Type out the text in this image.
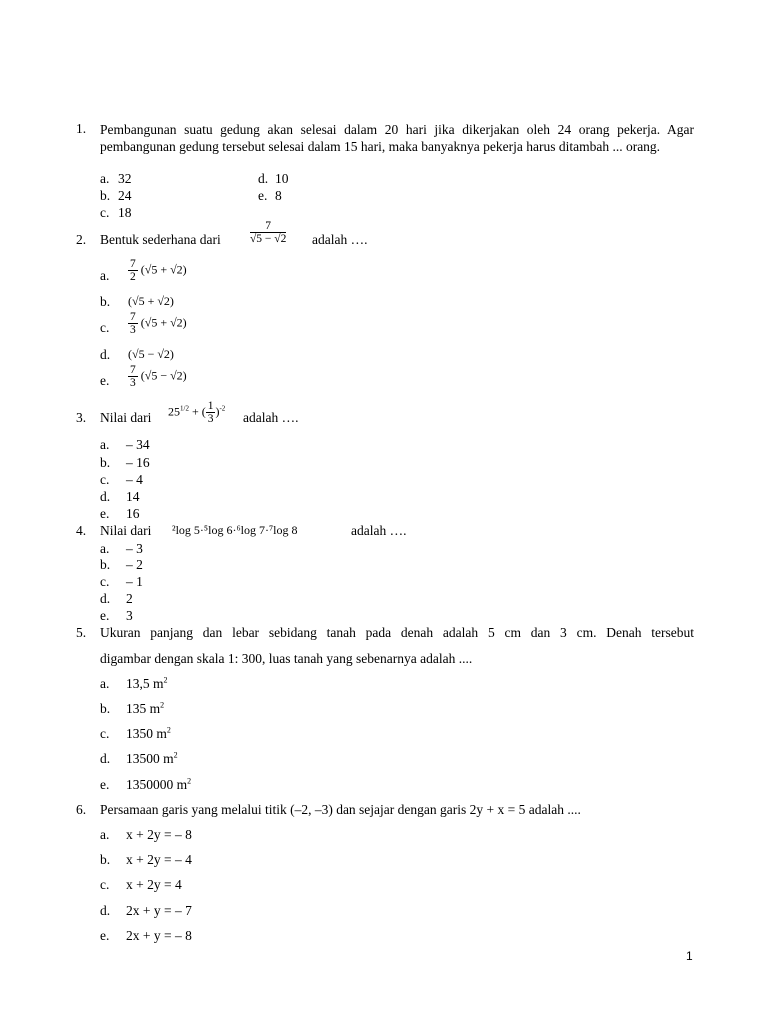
1. Pembangunan suatu gedung akan selesai dalam 20 hari jika dikerjakan oleh 24 orang pekerja. Agar pembangunan gedung tersebut selesai dalam 15 hari, maka banyaknya pekerja harus ditambah ... orang.
a. 32
b. 24
c. 18
d. 10
e. 8
2. Bentuk sederhana dari	$\frac{7}{√5 - √2}$ adalah ….
a. $\frac{7}{2} (√5 + √2)$
b. (√5 + √2)
c. $\frac{7}{3} (√5 + √2)$
d. (√5 − √2)
e. $\frac{7}{3} (√5 - √2)$
3. Nilai dari $25^{1/2}$ + ( $\frac{1}{3} )^{-2}$
adalah ….
a. – 34
b. – 16
c. – 4
d. 14
e. 16
4. Nilai dari ²log 5·⁵log 6·⁶log 7·⁷log 8	adalah ….
a. – 3
b. – 2
c. – 1
d. 2
e. 3
5. Ukuran panjang dan lebar sebidang tanah pada denah adalah 5 cm dan 3 cm. Denah tersebut
digambar dengan skala 1: 300, luas tanah yang sebenarnya adalah ....
a. 13,5 $m^2$
b. 135 $m^2$
c. 1350 $m^2$
d. 13500 $m^2$
e. 1350000 $m^2$
6. Persamaan garis yang melalui titik (–2, –3) dan sejajar dengan garis 2y + x = 5 adalah ....
a. x + 2y = – 8
b. x + 2y = – 4
c. x + 2y = 4
d. 2x + y = – 7
e. 2x + y = – 8
1
